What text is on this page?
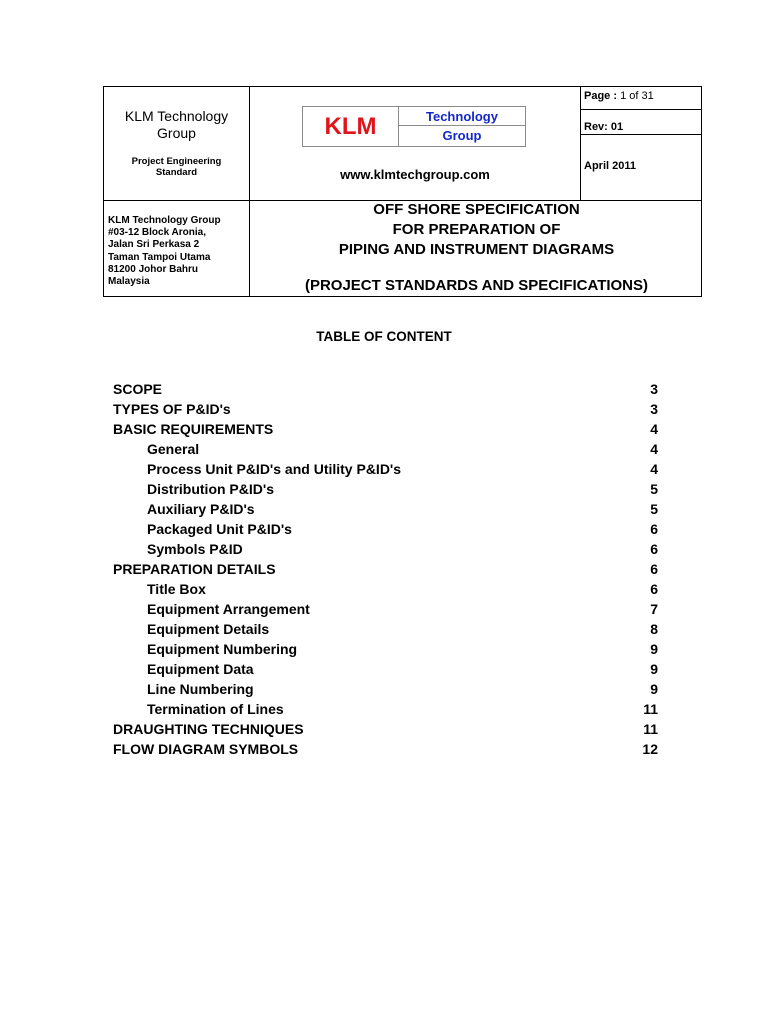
KLM Technology
Group
Project Engineering
Standard
KLM Technology Group
#03-12 Block Aronia,
Jalan Sri Perkasa 2
Taman Tampoi Utama
81200 Johor Bahru
Malaysia
KLM	Technology
Group
www.klmtechgroup.com
Page : 1 of 31
Rev: 01
April 2011
OFF SHORE SPECIFICATION
FOR PREPARATION OF
PIPING AND INSTRUMENT DIAGRAMS
(PROJECT STANDARDS AND SPECIFICATIONS)
TABLE OF CONTENT
SCOPE	3
TYPES OF P&ID's	3
BASIC REQUIREMENTS	4
General	4
Process Unit P&ID's and Utility P&ID's	4
Distribution P&ID's	5
Auxiliary P&ID's	5
Packaged Unit P&ID's	6
Symbols P&ID	6
PREPARATION DETAILS	6
Title Box	6
Equipment Arrangement	7
Equipment Details	8
Equipment Numbering	9
Equipment Data	9
Line Numbering	9
Termination of Lines	11
DRAUGHTING TECHNIQUES	11
FLOW DIAGRAM SYMBOLS	12
